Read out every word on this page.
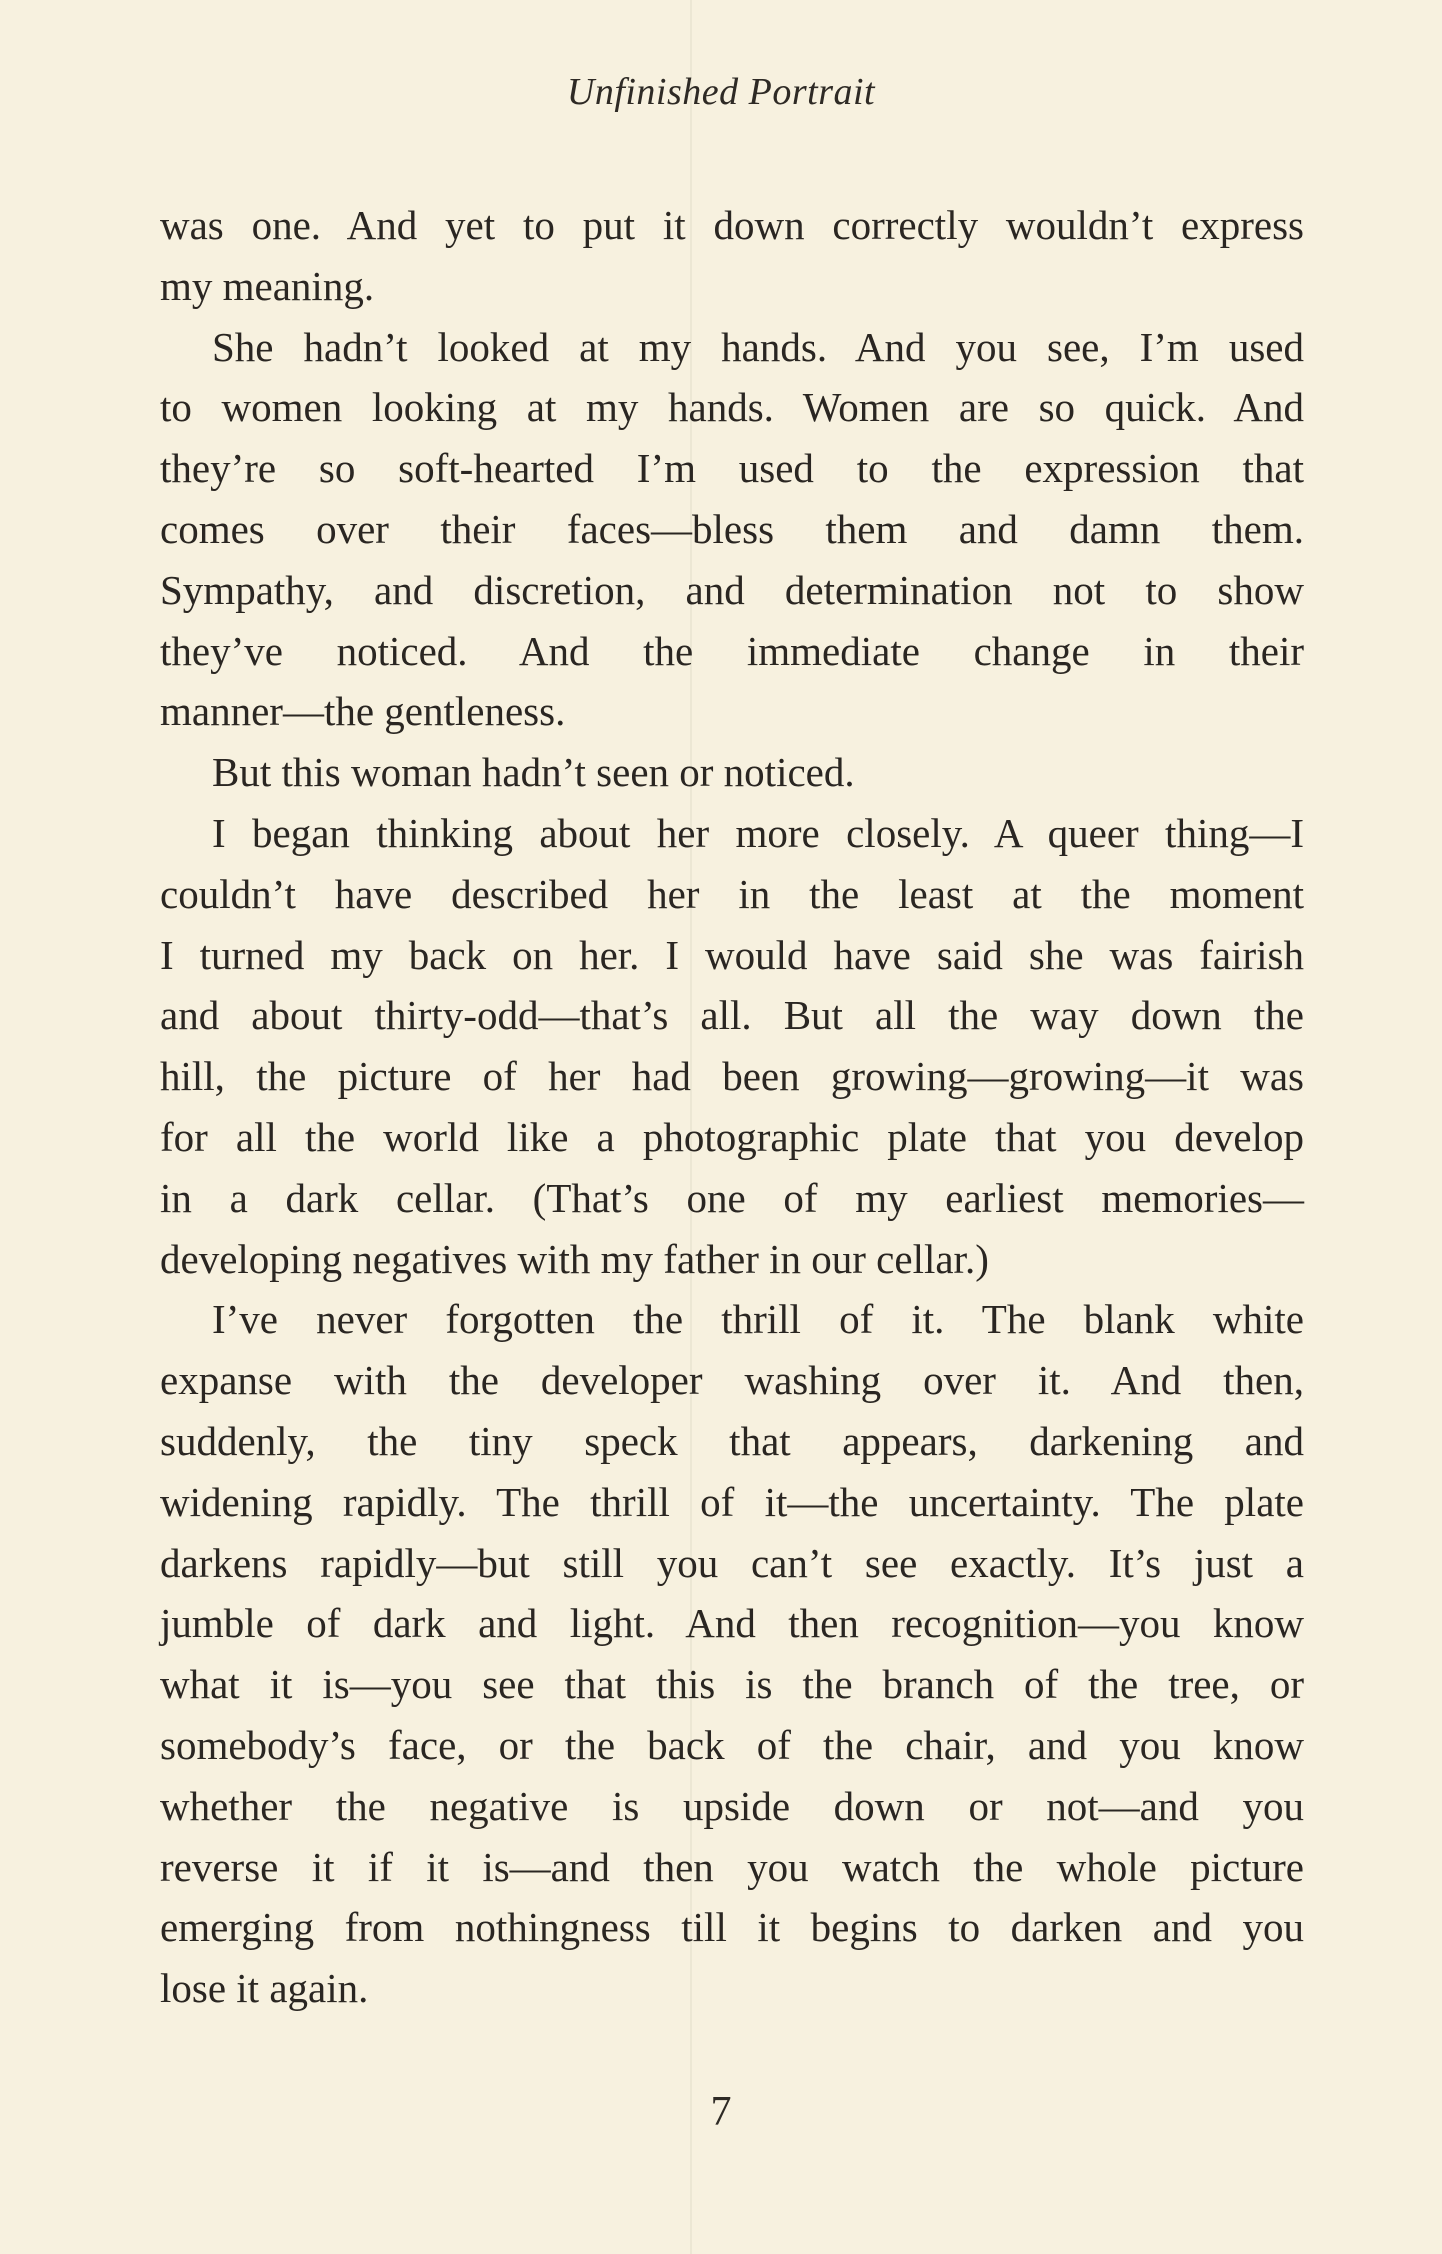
Unfinished Portrait
was one. And yet to put it down correctly wouldn’t express
my meaning.
She hadn’t looked at my hands. And you see, I’m used
to women looking at my hands. Women are so quick. And
they’re so soft-hearted I’m used to the expression that
comes over their faces—bless them and damn them.
Sympathy, and discretion, and determination not to show
they’ve noticed. And the immediate change in their
manner—the gentleness.
But this woman hadn’t seen or noticed.
I began thinking about her more closely. A queer thing—I
couldn’t have described her in the least at the moment
I turned my back on her. I would have said she was fairish
and about thirty-odd—that’s all. But all the way down the
hill, the picture of her had been growing—growing—it was
for all the world like a photographic plate that you develop
in a dark cellar. (That’s one of my earliest memories—
developing negatives with my father in our cellar.)
I’ve never forgotten the thrill of it. The blank white
expanse with the developer washing over it. And then,
suddenly, the tiny speck that appears, darkening and
widening rapidly. The thrill of it—the uncertainty. The plate
darkens rapidly—but still you can’t see exactly. It’s just a
jumble of dark and light. And then recognition—you know
what it is—you see that this is the branch of the tree, or
somebody’s face, or the back of the chair, and you know
whether the negative is upside down or not—and you
reverse it if it is—and then you watch the whole picture
emerging from nothingness till it begins to darken and you
lose it again.
7
